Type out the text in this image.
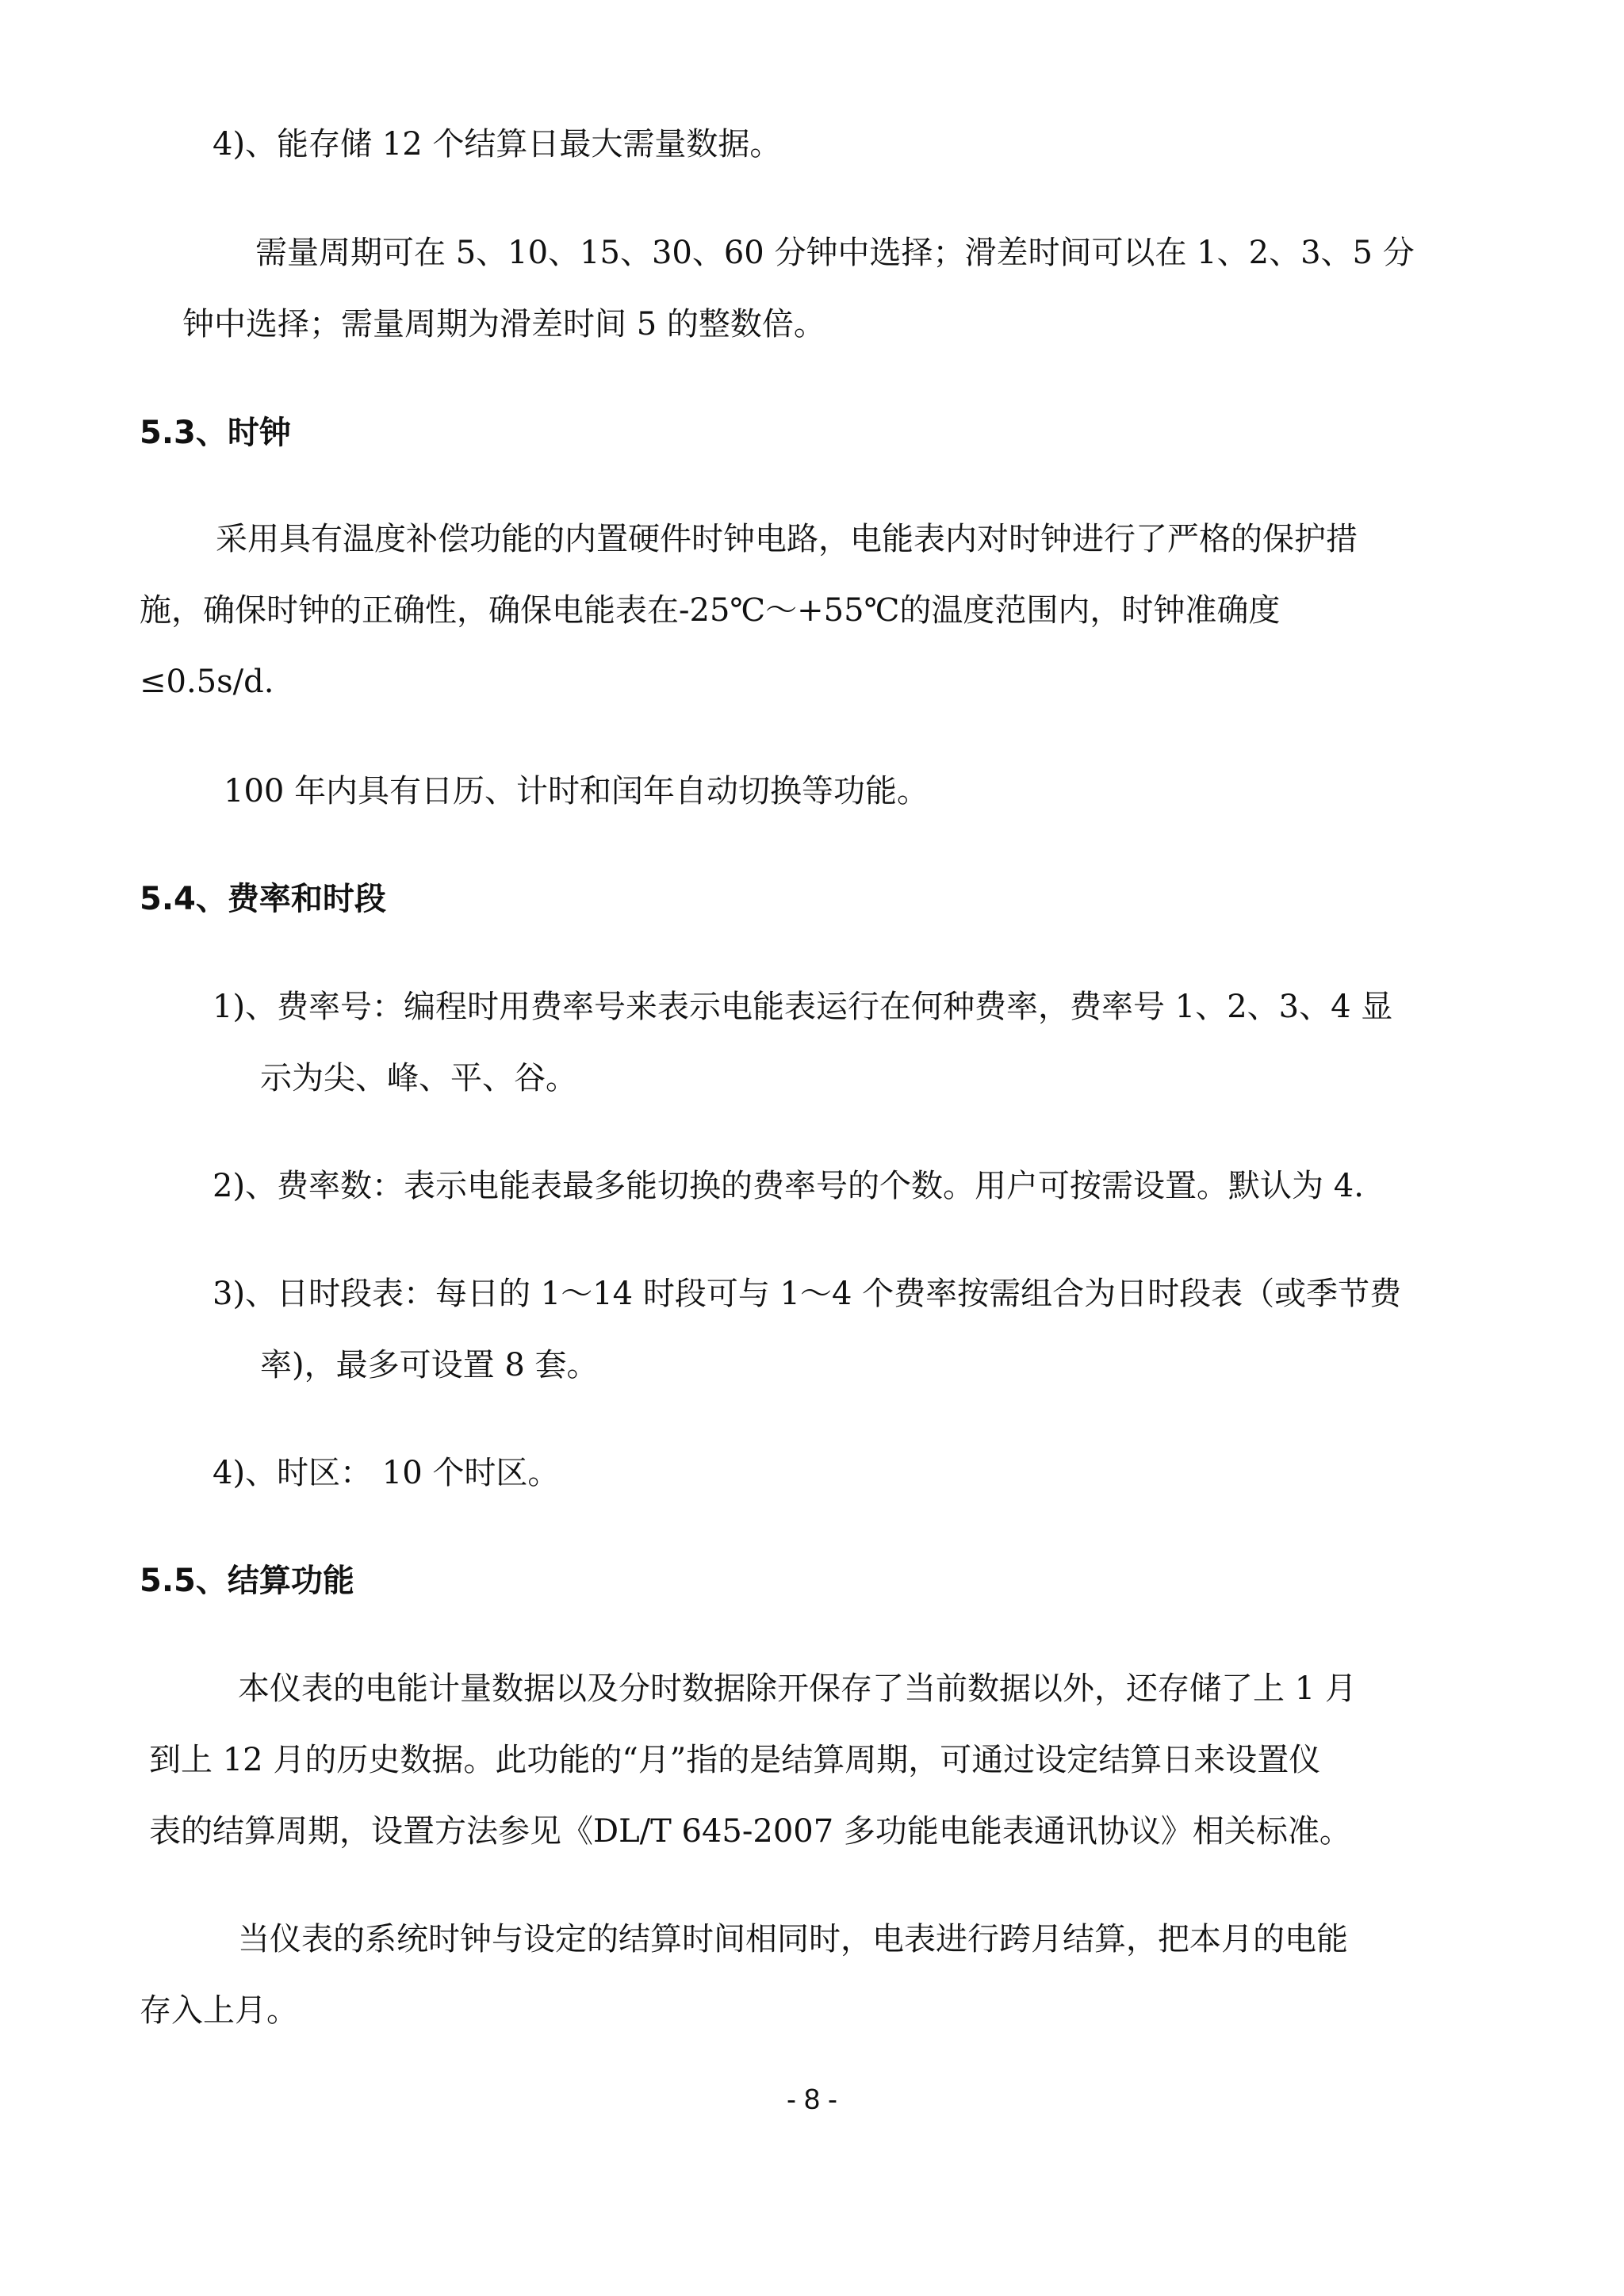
4)、能存储 12 个结算日最大需量数据。
需量周期可在 5、10、15、30、60 分钟中选择；滑差时间可以在 1、2、3、5 分
钟中选择；需量周期为滑差时间 5 的整数倍。
5.3、时钟
采用具有温度补偿功能的内置硬件时钟电路，电能表内对时钟进行了严格的保护措
施，确保时钟的正确性，确保电能表在-25℃～+55℃的温度范围内，时钟准确度
≤0.5s/d.
100 年内具有日历、计时和闰年自动切换等功能。
5.4、费率和时段
1)、费率号：编程时用费率号来表示电能表运行在何种费率，费率号 1、2、3、4 显
示为尖、峰、平、谷。
2)、费率数：表示电能表最多能切换的费率号的个数。用户可按需设置。默认为 4.
3)、日时段表：每日的 1～14 时段可与 1～4 个费率按需组合为日时段表（或季节费
率)，最多可设置 8 套。
4)、时区： 10 个时区。
5.5、结算功能
本仪表的电能计量数据以及分时数据除开保存了当前数据以外，还存储了上 1 月
到上 12 月的历史数据。此功能的“月”指的是结算周期，可通过设定结算日来设置仪
表的结算周期，设置方法参见《DL/T 645-2007 多功能电能表通讯协议》相关标准。
当仪表的系统时钟与设定的结算时间相同时，电表进行跨月结算，把本月的电能
存入上月。
- 8 -
